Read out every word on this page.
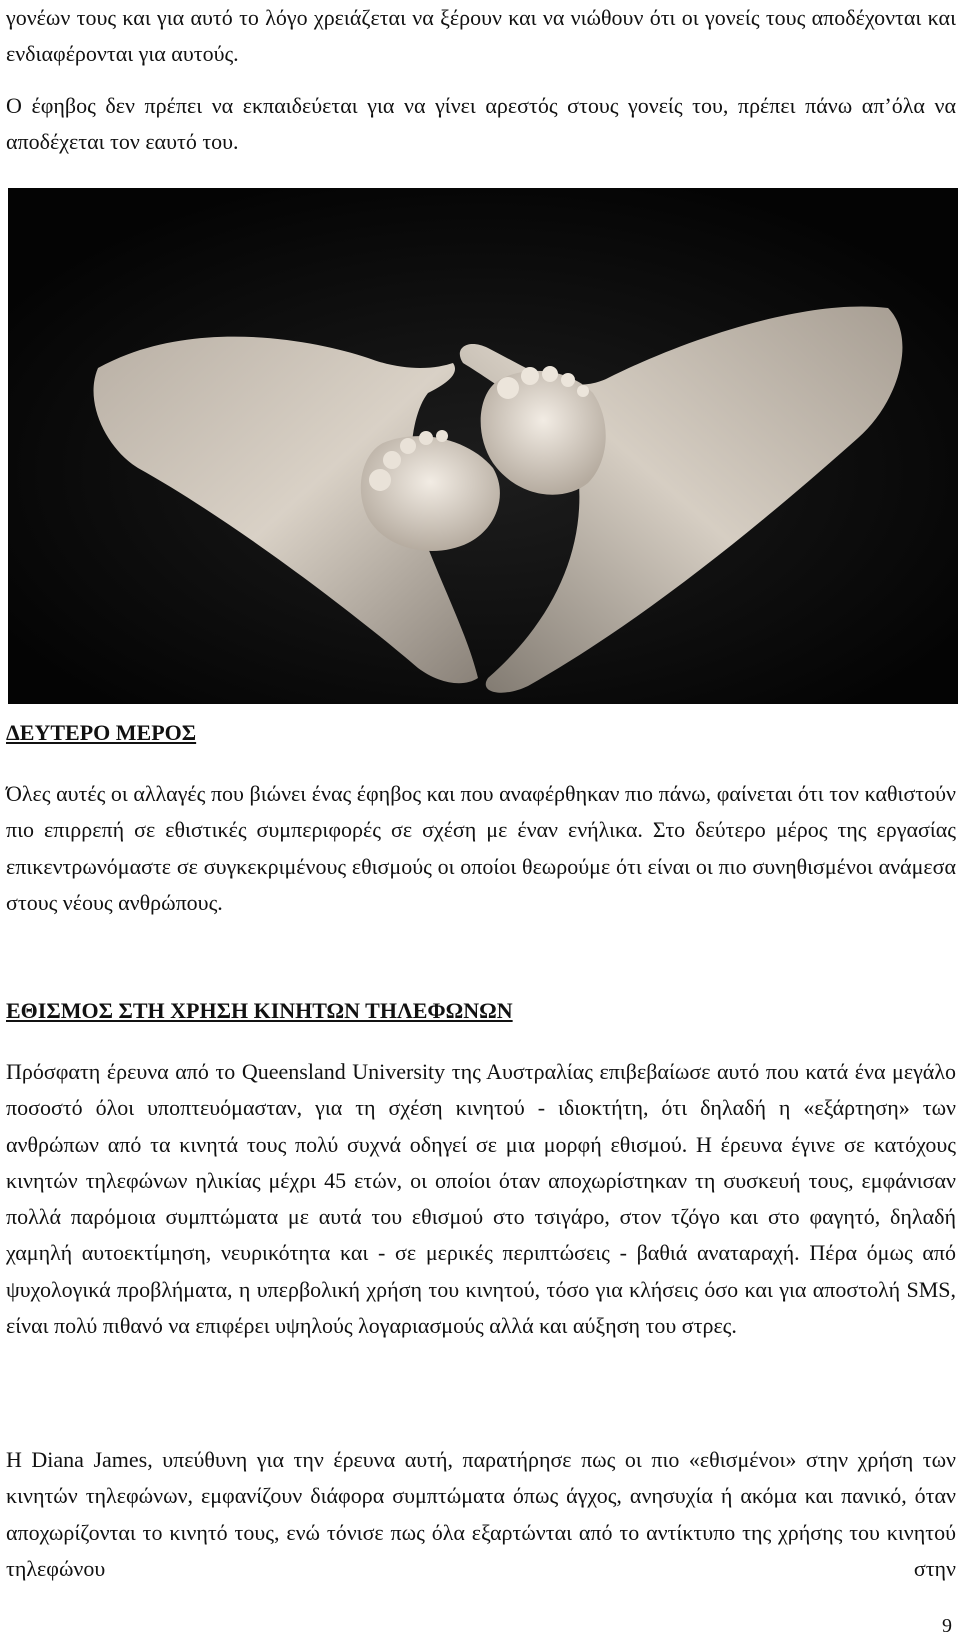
γονέων τους και για αυτό το λόγο χρειάζεται να ξέρουν και να νιώθουν ότι οι γονείς τους αποδέχονται και ενδιαφέρονται για αυτούς.

Ο έφηβος δεν πρέπει να εκπαιδεύεται για να γίνει αρεστός στους γονείς του, πρέπει πάνω απ’όλα να αποδέχεται τον εαυτό του.

ΔΕΥΤΕΡΟ ΜΕΡΟΣ

Όλες αυτές οι αλλαγές που βιώνει ένας έφηβος και που αναφέρθηκαν πιο πάνω, φαίνεται ότι τον καθιστούν πιο επιρρεπή σε εθιστικές συμπεριφορές σε σχέση με έναν ενήλικα. Στο δεύτερο μέρος της εργασίας επικεντρωνόμαστε σε συγκεκριμένους εθισμούς οι οποίοι θεωρούμε ότι είναι οι πιο συνηθισμένοι ανάμεσα στους νέους ανθρώπους.

ΕΘΙΣΜΟΣ ΣΤΗ ΧΡΗΣΗ ΚΙΝΗΤΩΝ ΤΗΛΕΦΩΝΩΝ

Πρόσφατη έρευνα από το Queensland University της Αυστραλίας επιβεβαίωσε αυτό που κατά ένα μεγάλο ποσοστό όλοι υποπτευόμασταν, για τη σχέση κινητού - ιδιοκτήτη, ότι δηλαδή η «εξάρτηση» των ανθρώπων από τα κινητά τους πολύ συχνά οδηγεί σε μια μορφή εθισμού. Η έρευνα έγινε σε κατόχους κινητών τηλεφώνων ηλικίας μέχρι 45 ετών, οι οποίοι όταν αποχωρίστηκαν τη συσκευή τους, εμφάνισαν πολλά παρόμοια συμπτώματα με αυτά του εθισμού στο τσιγάρο, στον τζόγο και στο φαγητό, δηλαδή χαμηλή αυτοεκτίμηση, νευρικότητα και - σε μερικές περιπτώσεις - βαθιά αναταραχή. Πέρα όμως από ψυχολογικά προβλήματα, η υπερβολική χρήση του κινητού, τόσο για κλήσεις όσο και για αποστολή SMS, είναι πολύ πιθανό να επιφέρει υψηλούς λογαριασμούς αλλά και αύξηση του στρες.

Η Diana James, υπεύθυνη για την έρευνα αυτή, παρατήρησε πως οι πιο «εθισμένοι» στην χρήση των κινητών τηλεφώνων, εμφανίζουν διάφορα συμπτώματα όπως άγχος, ανησυχία ή ακόμα και πανικό, όταν αποχωρίζονται το κινητό τους, ενώ τόνισε πως όλα εξαρτώνται από το αντίκτυπο της χρήσης του κινητού τηλεφώνου στην

9
